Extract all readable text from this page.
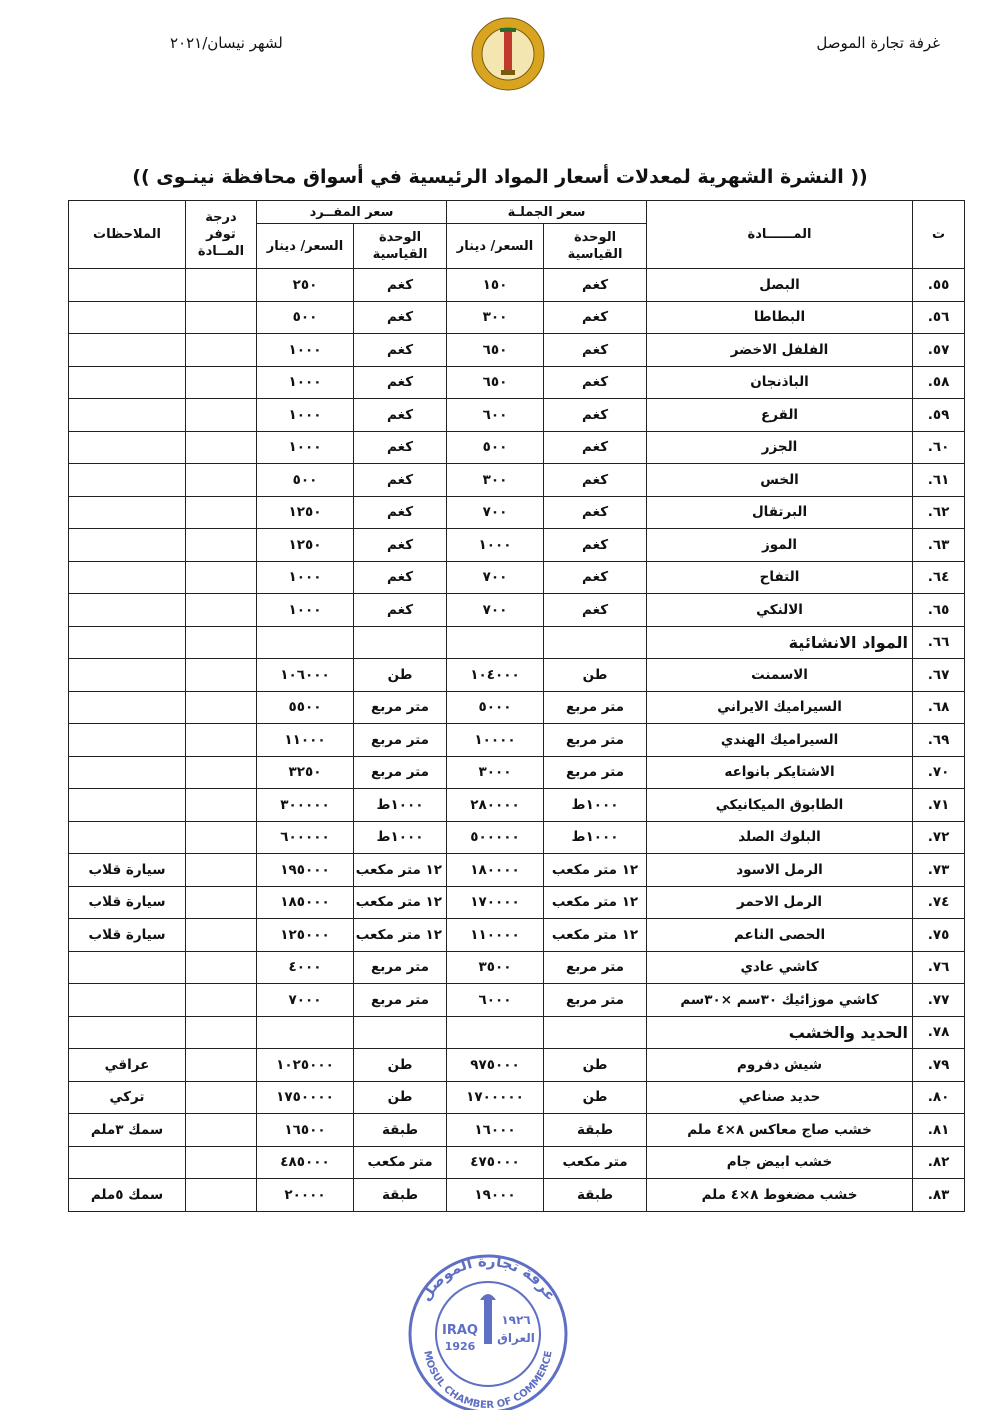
لشهر نيسان/٢٠٢١	غرفة تجارة الموصل
(( النشرة الشهرية لمعدلات أسعار المواد الرئيسية في أسواق محافظة نينـوى ))
ت	المــــــادة	سعر الجملـة		سعر المفــرد		درجة توفر المــادة	الملاحظات
		الوحدة القياسية	السعر/ دينار	الوحدة القياسية	السعر/ دينار		
٥٥.	البصل	كغم	١٥٠	كغم	٢٥٠		
٥٦.	البطاطا	كغم	٣٠٠	كغم	٥٠٠		
٥٧.	الفلفل الاخضر	كغم	٦٥٠	كغم	١٠٠٠		
٥٨.	الباذنجان	كغم	٦٥٠	كغم	١٠٠٠		
٥٩.	القرع	كغم	٦٠٠	كغم	١٠٠٠		
٦٠.	الجزر	كغم	٥٠٠	كغم	١٠٠٠		
٦١.	الخس	كغم	٣٠٠	كغم	٥٠٠		
٦٢.	البرتقال	كغم	٧٠٠	كغم	١٢٥٠		
٦٣.	الموز	كغم	١٠٠٠	كغم	١٢٥٠		
٦٤.	التفاح	كغم	٧٠٠	كغم	١٠٠٠		
٦٥.	الالنكي	كغم	٧٠٠	كغم	١٠٠٠		
٦٦.	المواد الانشائية						
٦٧.	الاسمنت	طن	١٠٤٠٠٠	طن	١٠٦٠٠٠		
٦٨.	السيراميك الايراني	متر مربع	٥٠٠٠	متر مربع	٥٥٠٠		
٦٩.	السيراميك الهندي	متر مربع	١٠٠٠٠	متر مربع	١١٠٠٠		
٧٠.	الاشتايكر بانواعه	متر مربع	٣٠٠٠	متر مربع	٣٢٥٠		
٧١.	الطابوق الميكانيكي	١٠٠٠ط	٢٨٠٠٠٠	١٠٠٠ط	٣٠٠٠٠٠		
٧٢.	البلوك الصلد	١٠٠٠ط	٥٠٠٠٠٠	١٠٠٠ط	٦٠٠٠٠٠		
٧٣.	الرمل الاسود	١٢ متر مكعب	١٨٠٠٠٠	١٢ متر مكعب	١٩٥٠٠٠		سيارة قلاب
٧٤.	الرمل الاحمر	١٢ متر مكعب	١٧٠٠٠٠	١٢ متر مكعب	١٨٥٠٠٠		سيارة قلاب
٧٥.	الحصى الناعم	١٢ متر مكعب	١١٠٠٠٠	١٢ متر مكعب	١٢٥٠٠٠		سيارة قلاب
٧٦.	كاشي عادي	متر مربع	٣٥٠٠	متر مربع	٤٠٠٠		
٧٧.	كاشي موزائيك ٣٠سم ×٣٠سم	متر مربع	٦٠٠٠	متر مربع	٧٠٠٠		
٧٨.	الحديد والخشب						
٧٩.	شيش دفروم	طن	٩٧٥٠٠٠	طن	١٠٢٥٠٠٠		عراقي
٨٠.	حديد صناعي	طن	١٧٠٠٠٠٠	طن	١٧٥٠٠٠٠		تركي
٨١.	خشب صاج معاكس ٨×٤ ملم	طبقة	١٦٠٠٠	طبقة	١٦٥٠٠		سمك ٣ملم
٨٢.	خشب ابيض جام	متر مكعب	٤٧٥٠٠٠	متر مكعب	٤٨٥٠٠٠		
٨٣.	خشب مضغوط ٨×٤ ملم	طبقة	١٩٠٠٠	طبقة	٢٠٠٠٠		سمك ٥ملم
غرفة تجارة الموصل
MOSUL CHAMBER OF COMMERCE
IRAQ
1926
١٩٢٦
العراق
